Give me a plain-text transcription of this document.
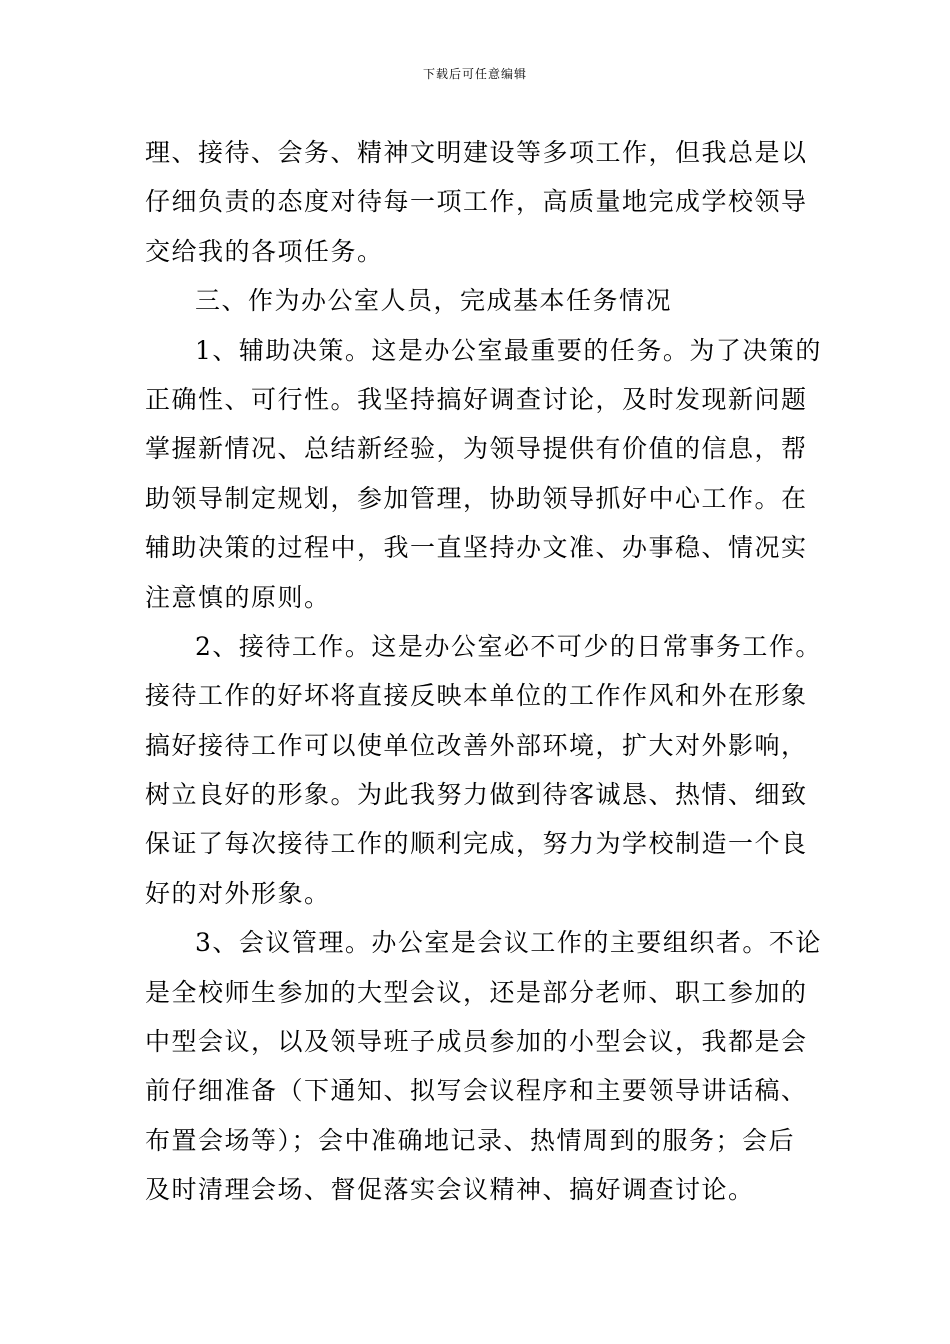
下载后可任意编辑
理、接待、会务、精神文明建设等多项工作，但我总是以
仔细负责的态度对待每一项工作，高质量地完成学校领导
交给我的各项任务。
三、作为办公室人员，完成基本任务情况
1、辅助决策。这是办公室最重要的任务。为了决策的
正确性、可行性。我坚持搞好调查讨论，及时发现新问题
掌握新情况、总结新经验，为领导提供有价值的信息，帮
助领导制定规划，参加管理，协助领导抓好中心工作。在
辅助决策的过程中，我一直坚持办文准、办事稳、情况实
注意慎的原则。
2、接待工作。这是办公室必不可少的日常事务工作。
接待工作的好坏将直接反映本单位的工作作风和外在形象
搞好接待工作可以使单位改善外部环境，扩大对外影响，
树立良好的形象。为此我努力做到待客诚恳、热情、细致
保证了每次接待工作的顺利完成，努力为学校制造一个良
好的对外形象。
3、会议管理。办公室是会议工作的主要组织者。不论
是全校师生参加的大型会议，还是部分老师、职工参加的
中型会议，以及领导班子成员参加的小型会议，我都是会
前仔细准备（下通知、拟写会议程序和主要领导讲话稿、
布置会场等）；会中准确地记录、热情周到的服务；会后
及时清理会场、督促落实会议精神、搞好调查讨论。
